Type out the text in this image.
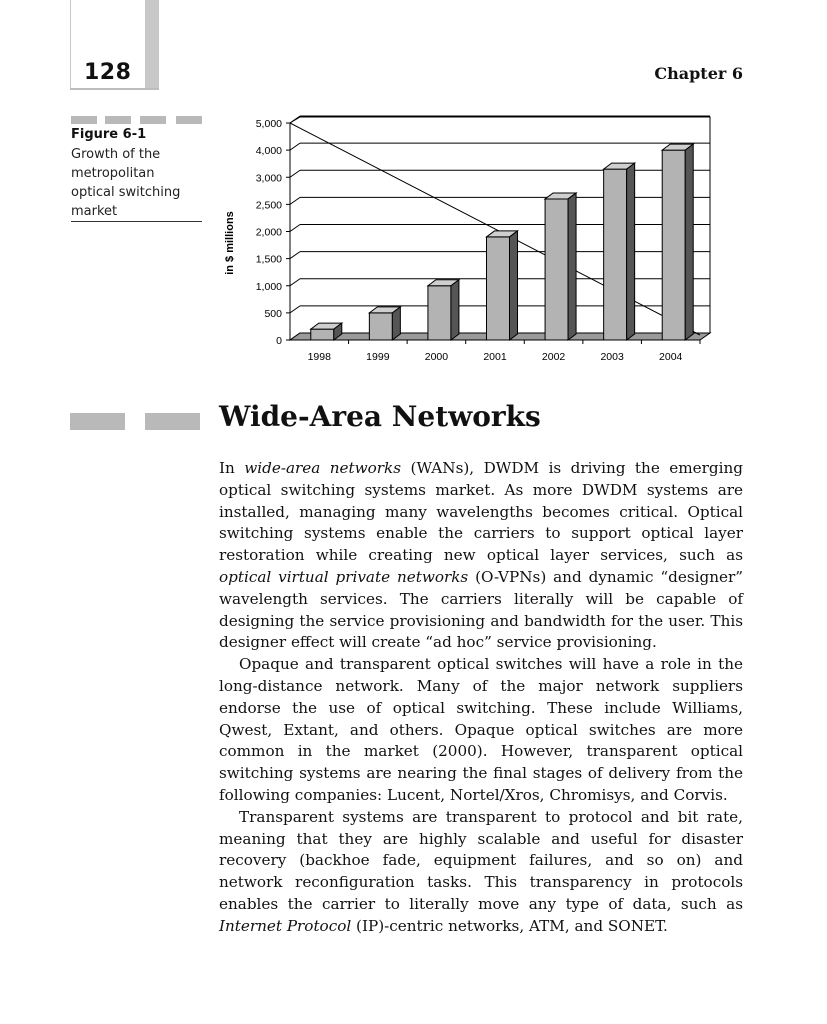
128	Chapter 6
Figure 6-1
Growth of the metropolitan optical switching market
0
500
1,000
1,500
2,000
2,500
3,000
4,000
5,000
1998	1999	2000	2001	2002	2003	2004
in $ millions
Wide-Area Networks

In wide-area networks (WANs), DWDM is driving the emerging optical switching systems market. As more DWDM systems are installed, managing many wavelengths becomes critical. Optical switching systems enable the carriers to support optical layer restoration while creating new optical layer services, such as optical virtual private networks (O-VPNs) and dynamic “designer” wavelength services. The carriers literally will be capable of designing the service provisioning and bandwidth for the user. This designer effect will create “ad hoc” service provisioning.

Opaque and transparent optical switches will have a role in the long-distance network. Many of the major network suppliers endorse the use of optical switching. These include Williams, Qwest, Extant, and others. Opaque optical switches are more common in the market (2000). However, transparent optical switching systems are nearing the final stages of delivery from the following companies: Lucent, Nortel/Xros, Chromisys, and Corvis.

Transparent systems are transparent to protocol and bit rate, meaning that they are highly scalable and useful for disaster recovery (backhoe fade, equipment failures, and so on) and network reconfiguration tasks. This transparency in protocols enables the carrier to literally move any type of data, such as Internet Protocol (IP)-centric networks, ATM, and SONET.
